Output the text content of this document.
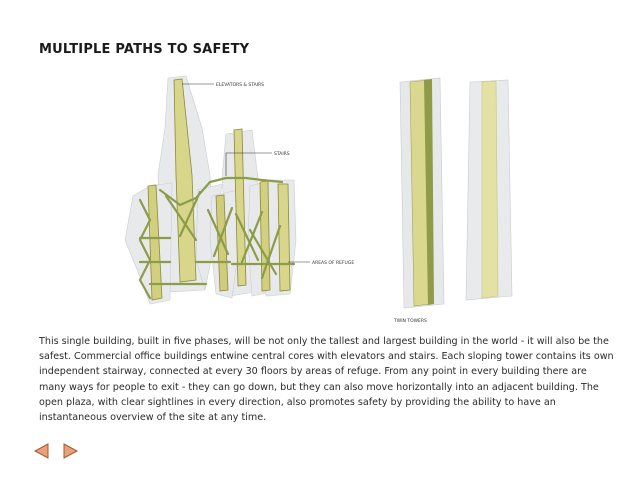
MULTIPLE PATHS TO SAFETY
ELEVATORS & STAIRS
STAIRS
AREAS OF REFUGE
TWIN TOWERS

This single building, built in five phases, will be not only the tallest and largest building in the world - it will also be the safest. Commercial office buildings entwine central cores with elevators and stairs. Each sloping tower contains its own independent stairway, connected at every 30 floors by areas of refuge. From any point in every building there are many ways for people to exit - they can go down, but they can also move horizontally into an adjacent building. The open plaza, with clear sightlines in every direction, also promotes safety by providing the ability to have an instantaneous overview of the site at any time.
